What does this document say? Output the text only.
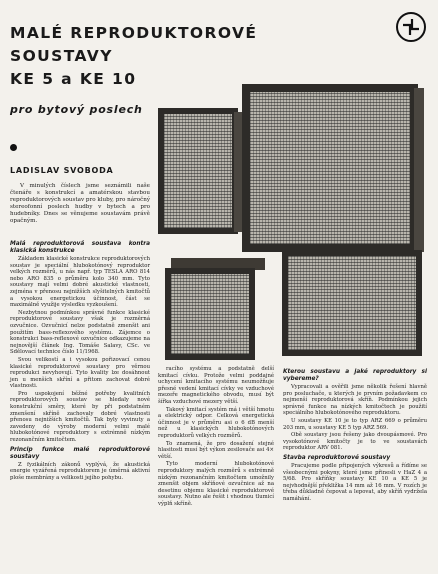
MALÉ REPRODUKTOROVÉ SOUSTAVY
KE 5 a KE 10
pro bytový poslech
LADISLAV SVOBODA

V minulých číslech jsme seznámili naše čtenáře s konstrukcí a amatérskou stavbou reproduktorových soustav pro kluby, pro náročný stereofonní poslech hudby v bytech a pro hudebníky. Dnes se věnujeme soustavám právě opačným.

Malá reproduktorová soustava kontra klasická konstrukce

Základem klasické konstrukce reproduktorových soustav je speciální hlubokotónový reproduktor velkých rozměrů, u nás např. typ TESLA ARO 814 nebo ARO 835 o průměru kolo 340 mm. Tyto soustavy mají velmi dobré akustické vlastnosti, zejména v přenosu nejnižších slyšitelných kmitočtů a vysokou energetickou účinnost, část se maximálně využije výsledku vyzkoušení.

Nezbytnou podmínkou správné funkce klasické reproduktorové soustavy však je rozměrná ozvučnice. Ozvučnicí nelze podstatně zmenšit ani použitím bass-reflexového systému. Zájemce o konstrukci bass-reflexové ozvučnice odkazujeme na nejnovější článek Ing. Tomáše Salavy, CSc. ve Sdělovací technice číslo 11/1968.

Svou velikostí a i vysokou pořizovací cenou klasické reproduktorové soustavy pro věrnou reprodukci nevyhovují. Tyto kvality lze dosáhnout jen u menších skříní a přitom zachovat dobré vlastnosti.

Pro uspokojení běžné potřeby kvalitních reproduktorových soustav se hledaly nové konstrukční směry, které by při podstatném zmenšení skříně zachovaly dobré vlastnosti přenosu nejnižších kmitočtů. Tak byly vyvinuty a zavedeny do výroby moderní velmi malé hlubokotónové reproduktory s extrémně nízkým rezonančním kmitočtem.

Princip funkce malé reproduktorové soustavy

Z fyzikálních zákonů vyplývá, že akustická energie vyzářená reproduktorem je úměrná aktivní ploše membrány a velikosti jejího pohybu.

racího systému a podstatně delší kmitací cívku. Protože velmi poddajné uchycení kmitacího systému neumožňuje přesné vedení kmitací cívky ve vzduchové mezeře magnetického obvodu, musí být šířka vzduchové mezery větší.

Takový kmitací systém má i větší hmotu a elektrický odpor. Celková energetická účinnost je v průměru asi o 6 dB menší než u klasických hlubokotónových reproduktorů velkých rozměrů.

To znamená, že pro dosažení stejné hlasitosti musí být výkon zesilovače asi 4× větší.

Tyto moderní hlubokotónové reproduktory malých rozměrů s extrémně nízkým rezonančním kmitočtem umožnily zmenšit objem skříňové ozvučnice až na desetinu objemu klasické reproduktorové soustavy. Nutno ale řešit i vhodnou tlumicí výplň skříně.

Kterou soustavu a jaké reproduktory si vybereme?

Vypracovali a ověřili jsme několik řešení hlavně pro posluchače, u kterých je prvním požadavkem co nejmenší reproduktorová skříň. Podmínkou jejich správné funkce na nízkých kmitočtech je použití speciálního hlubokotónového reproduktoru.

U soustavy KE 10 je to typ ARZ 669 o průměru 203 mm, u soustavy KE 5 typ ARZ 569.

Obě soustavy jsou řešeny jako dvoupásmové. Pro vysokotónové kmitočty je to ve soustavách reproduktor ARV 081.

Stavba reproduktorové soustavy

Pracujeme podle připojených výkresů a řídíme se všeobecnými pokyny, které jsme přinesli v HaZ 4 a 5/68. Pro skříňky soustavy KE 10 a KE 5 je nejvhodnější překližka 14 mm až 16 mm. V rozích je třeba důkladně čepovat a lepovat, aby skříň vydržela namáhání.
